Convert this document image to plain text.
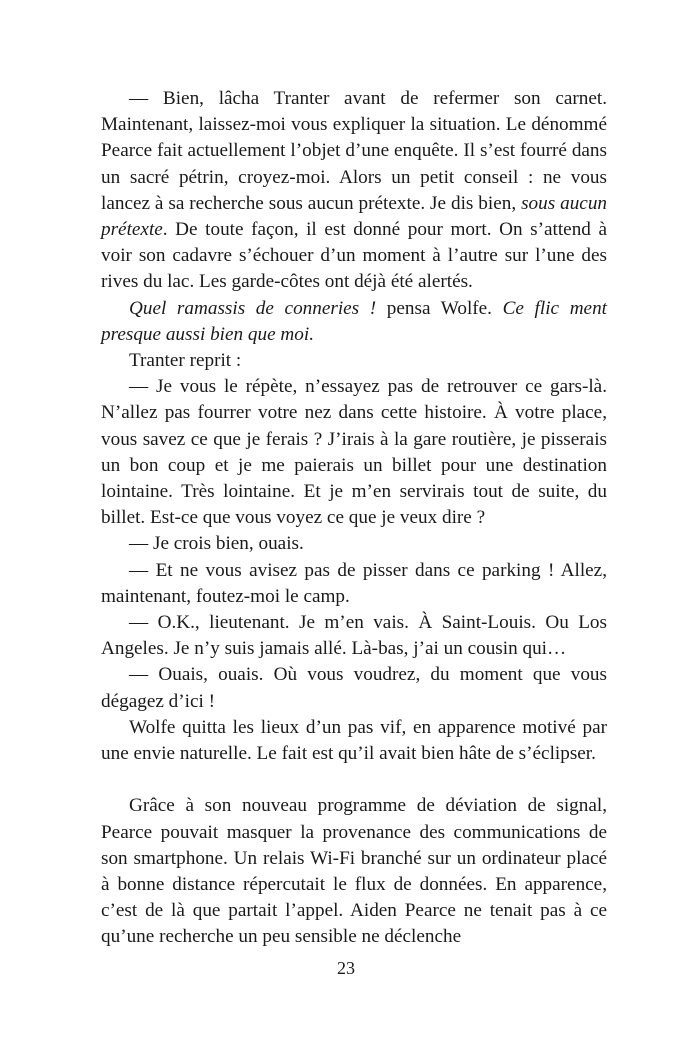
— Bien, lâcha Tranter avant de refermer son carnet. Maintenant, laissez-moi vous expliquer la situation. Le dénommé Pearce fait actuellement l’objet d’une enquête. Il s’est fourré dans un sacré pétrin, croyez-moi. Alors un petit conseil : ne vous lancez à sa recherche sous aucun prétexte. Je dis bien, sous aucun prétexte. De toute façon, il est donné pour mort. On s’attend à voir son cadavre s’échouer d’un moment à l’autre sur l’une des rives du lac. Les garde-côtes ont déjà été alertés.

Quel ramassis de conneries ! pensa Wolfe. Ce flic ment presque aussi bien que moi.

Tranter reprit :

— Je vous le répète, n’essayez pas de retrouver ce gars-là. N’allez pas fourrer votre nez dans cette histoire. À votre place, vous savez ce que je ferais ? J’irais à la gare routière, je pisserais un bon coup et je me paierais un billet pour une destination lointaine. Très lointaine. Et je m’en servirais tout de suite, du billet. Est-ce que vous voyez ce que je veux dire ?

— Je crois bien, ouais.

— Et ne vous avisez pas de pisser dans ce parking ! Allez, maintenant, foutez-moi le camp.

— O.K., lieutenant. Je m’en vais. À Saint-Louis. Ou Los Angeles. Je n’y suis jamais allé. Là-bas, j’ai un cousin qui…

— Ouais, ouais. Où vous voudrez, du moment que vous dégagez d’ici !

Wolfe quitta les lieux d’un pas vif, en apparence motivé par une envie naturelle. Le fait est qu’il avait bien hâte de s’éclipser.

Grâce à son nouveau programme de déviation de signal, Pearce pouvait masquer la provenance des communications de son smartphone. Un relais Wi-Fi branché sur un ordinateur placé à bonne distance répercutait le flux de données. En apparence, c’est de là que partait l’appel. Aiden Pearce ne tenait pas à ce qu’une recherche un peu sensible ne déclenche

23
